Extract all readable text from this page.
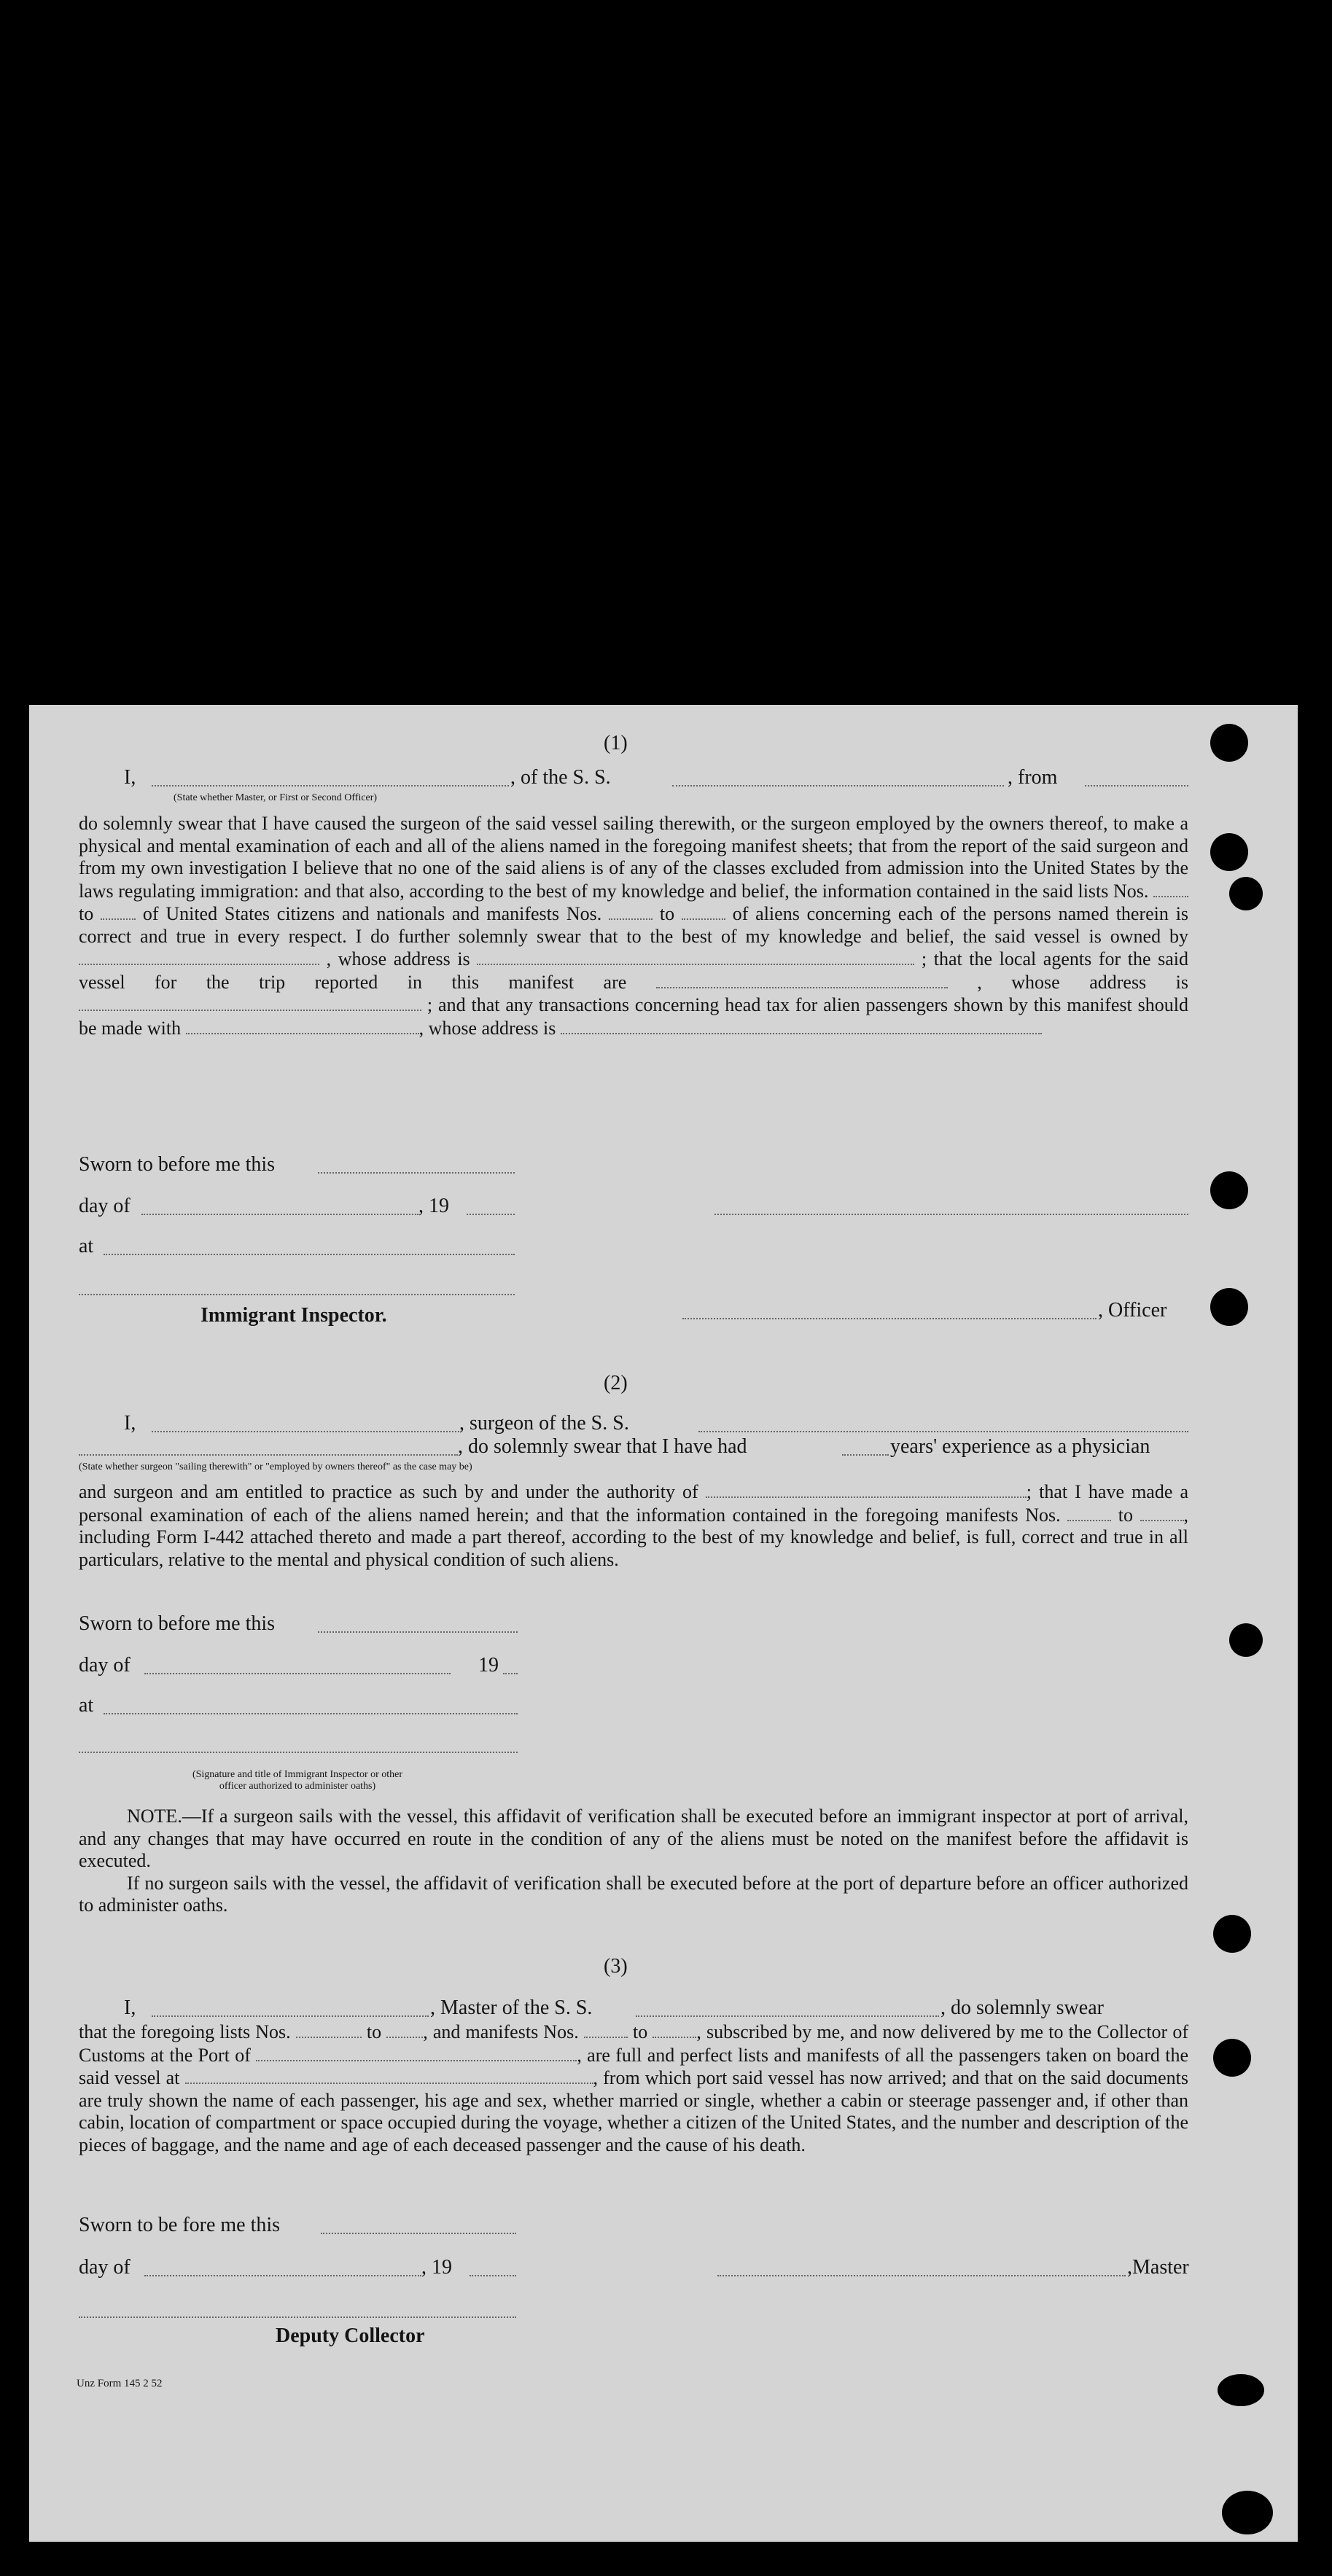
(1)
I,	, of the S. S.	, from
(State whether Master, or First or Second Officer)

do solemnly swear that I have caused the surgeon of the said vessel sailing therewith, or the surgeon employed by the owners thereof, to make a physical and mental examination of each and all of the aliens named in the foregoing manifest sheets; that from the report of the said surgeon and from my own investigation I believe that no one of the said aliens is of any of the classes excluded from admission into the United States by the laws regulating immigration: and that also, according to the best of my knowledge and belief, the information contained in the said lists Nos.  to	of United States citizens and nationals and manifests Nos.	to	of aliens concerning each of the persons named therein is correct and true in every respect. I do further solemnly swear that to the best of my knowledge and belief, the said vessel is owned by  , whose address is	; that the local agents for the said vessel for the trip reported in this manifest are	, whose address is  ; and that any transactions concerning head tax for alien passengers shown by this manifest should be made with	, whose address is

Sworn to before me this
day of	, 19
at
Immigrant Inspector.	, Officer
(2)
I,	, surgeon of the S. S.
, do solemnly swear that I have had	years' experience as a physician
(State whether surgeon "sailing therewith" or "employed by owners thereof" as the case may be)

and surgeon and am entitled to practice as such by and under the authority of	; that I have made a personal examination of each of the aliens named herein; and that the information contained in the foregoing manifests Nos.	to	, including Form I-442 attached thereto and made a part thereof, according to the best of my knowledge and belief, is full, correct and true in all particulars, relative to the mental and physical condition of such aliens.

Sworn to before me this
day of	19
at
(Signature and title of Immigrant Inspector or other
officer authorized to administer oaths)

NOTE.—If a surgeon sails with the vessel, this affidavit of verification shall be executed before an immigrant inspector at port of arrival, and any changes that may have occurred en route in the condition of any of the aliens must be noted on the manifest before the affidavit is executed.

If no surgeon sails with the vessel, the affidavit of verification shall be executed before at the port of departure before an officer authorized to administer oaths.

(3)
I,	, Master of the S. S.	, do solemnly swear

that the foregoing lists Nos.	to , and manifests Nos.	to	, subscribed by me, and now delivered by me to the Collector of Customs at the Port of	, are full and perfect lists and manifests of all the passengers taken on board the said vessel at	, from which port said vessel has now arrived; and that on the said documents are truly shown the name of each passenger, his age and sex, whether married or single, whether a cabin or steerage passenger and, if other than cabin, location of compartment or space occupied during the voyage, whether a citizen of the United States, and the number and description of the pieces of baggage, and the name and age of each deceased passenger and the cause of his death.

Sworn to be fore me this
day of	, 19	,Master
Deputy Collector
Unz Form 145 2 52
